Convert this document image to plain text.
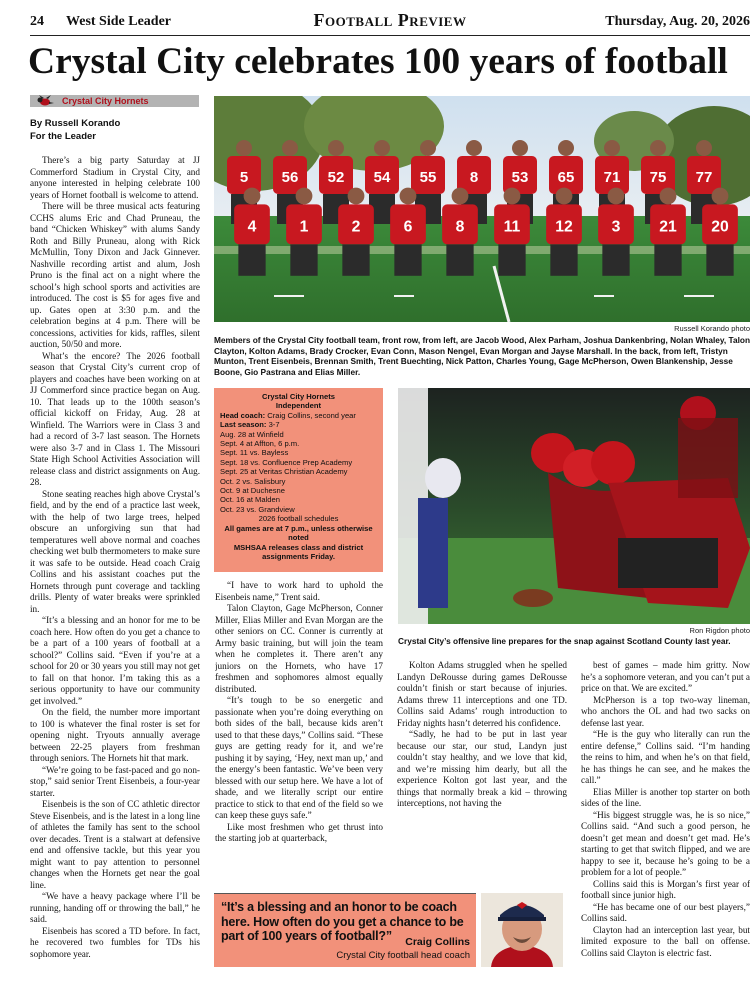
24 West Side Leader	Football Preview	Thursday, Aug. 20, 2026
Crystal City celebrates 100 years of football
Crystal City Hornets
By Russell Korando
For the Leader

There’s a big party Saturday at JJ Commerford Stadium in Crystal City, and anyone interested in helping celebrate 100 years of Hornet football is welcome to attend.

There will be three musical acts featuring CCHS alums Eric and Chad Pruneau, the band “Chicken Whiskey” with alums Sandy Roth and Billy Pruneau, along with Rick McMullin, Tony Dixon and Jack Ginnever. Nashville recording artist and alum, Josh Pruno is the final act on a night where the school’s high school sports and activities are introduced. The cost is $5 for ages five and up. Gates open at 3:30 p.m. and the celebration begins at 4 p.m. There will be concessions, activities for kids, raffles, silent auction, 50/50 and more.

What’s the encore? The 2026 football season that Crystal City’s current crop of players and coaches have been working on at JJ Commerford since practice began on Aug. 10. That leads up to the 100th season’s official kickoff on Friday, Aug. 28 at Winfield. The Warriors were in Class 3 and had a record of 3-7 last season. The Hornets were also 3-7 and in Class 1. The Missouri State High School Activities Association will release class and district assignments on Aug. 28.

Stone seating reaches high above Crystal’s field, and by the end of a practice last week, with the help of two large trees, helped obscure an unforgiving sun that had temperatures well above normal and coaches checking wet bulb thermometers to make sure it was safe to be outside. Head coach Craig Collins and his assistant coaches put the Hornets through punt coverage and tackling drills. Plenty of water breaks were sprinkled in.

“It’s a blessing and an honor for me to be coach here. How often do you get a chance to be a part of a 100 years of football at a school?” Collins said. “Even if you’re at a school for 20 or 30 years you still may not get to fall on that honor. I’m taking this as a serious opportunity to have our community get involved.”

On the field, the number more important to 100 is whatever the final roster is set for opening night. Tryouts annually average between 22-25 players from freshman through seniors. The Hornets hit that mark.

“We’re going to be fast-paced and go non-stop,” said senior Trent Eisenbeis, a four-year starter.

Eisenbeis is the son of CC athletic director Steve Eisenbeis, and is the latest in a long line of athletes the family has sent to the school over decades. Trent is a stalwart at defensive end and offensive tackle, but this year you might want to pay attention to personnel changes when the Hornets get near the goal line.

“We have a heavy package where I’ll be running, handing off or throwing the ball,” he said.

Eisenbeis has scored a TD before. In fact, he recovered two fumbles for TDs his sophomore year.

“I have to work hard to uphold the Eisenbeis name,” Trent said.

Talon Clayton, Gage McPherson, Conner Miller, Elias Miller and Evan Morgan are the other seniors on CC. Conner is currently at Army basic training, but will join the team when he completes it. There aren’t any juniors on the Hornets, who have 17 freshmen and sophomores almost equally distributed.

“It’s tough to be so energetic and passionate when you’re doing everything on both sides of the ball, because kids aren’t used to that these days,” Collins said. “These guys are getting ready for it, and we’re pushing it by saying, ‘Hey, next man up,’ and the energy’s been fantastic. We’ve been very blessed with our setup here. We have a lot of shade, and we literally script our entire practice to stick to that end of the field so we can keep these guys safe.”

Like most freshmen who get thrust into the starting job at quarterback,

Kolton Adams struggled when he spelled Landyn DeRousse during games DeRousse couldn’t finish or start because of injuries. Adams threw 11 interceptions and one TD. Collins said Adams’ rough introduction to Friday nights hasn’t deterred his confidence.

“Sadly, he had to be put in last year because our star, our stud, Landyn just couldn’t stay healthy, and we love that kid, and we’re missing him dearly, but all the experience Kolton got last year, and the things that normally break a kid – throwing interceptions, not having the

best of games – made him gritty. Now he’s a sophomore veteran, and you can’t put a price on that. We are excited.”

McPherson is a top two-way lineman, who anchors the OL and had two sacks on defense last year.

“He is the guy who literally can run the entire defense,” Collins said. “I’m handing the reins to him, and when he’s on that field, he has things he can see, and he makes the call.”

Elias Miller is another top starter on both sides of the line.

“His biggest struggle was, he is so nice,” Collins said. “And such a good person, he doesn’t get mean and doesn’t get mad. He’s starting to get that switch flipped, and we are happy to see it, because he’s going to be a problem for a lot of people.”

Collins said this is Morgan’s first year of football since junior high.

“He has became one of our best players,” Collins said.

Clayton had an interception last year, but limited exposure to the ball on offense. Collins said Clayton is electric fast.

5 56 52 54 55 8 53 65 71 75 77
4	1	2	6	8 11 12 3 21 20
Russell Korando photo
Members of the Crystal City football team, front row, from left, are Jacob Wood, Alex Parham, Joshua Dankenbring, Nolan Whaley, Talon Clayton, Kolton Adams, Brady Crocker, Evan Conn, Mason Nengel, Evan Morgan and Jayse Marshall. In the back, from left, Tristyn Munton, Trent Eisenbeis, Brennan Smith, Trent Buechting, Nick Patton, Charles Young, Gage McPherson, Owen Blankenship, Jesse Boone, Gio Pastrana and Elias Miller.
Crystal City Hornets
Independent
Head coach: Craig Collins, second year
Last season: 3-7
Aug. 28 at Winfield
Sept. 4 at Affton, 6 p.m.
Sept. 11 vs. Bayless
Sept. 18 vs. Confluence Prep Academy
Sept. 25 at Veritas Christian Academy
Oct. 2 vs. Salisbury
Oct. 9 at Duchesne
Oct. 16 at Malden
Oct. 23 vs. Grandview
2026 football schedules
All games are at 7 p.m., unless otherwise noted
MSHSAA releases class and district assignments Friday.
Ron Rigdon photo
Crystal City’s offensive line prepares for the snap against Scotland County last year.
“It’s a blessing and an honor to be coach here. How often do you get a chance to be part of 100 years of football?”	Craig Collins
Crystal City football head coach
